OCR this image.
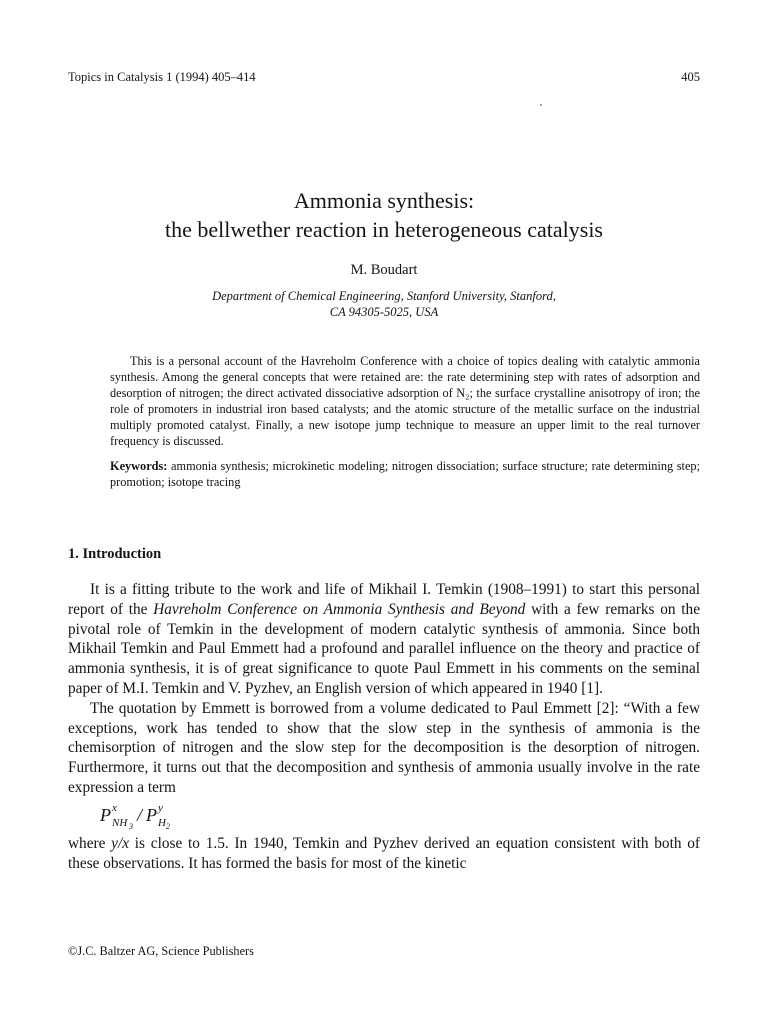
Topics in Catalysis 1 (1994) 405–414	405
Ammonia synthesis:
the bellwether reaction in heterogeneous catalysis
M. Boudart
Department of Chemical Engineering, Stanford University, Stanford,
CA 94305-5025, USA

This is a personal account of the Havreholm Conference with a choice of topics dealing with catalytic ammonia synthesis. Among the general concepts that were retained are: the rate determining step with rates of adsorption and desorption of nitrogen; the direct activated dissociative adsorption of N₂; the surface crystalline anisotropy of iron; the role of promoters in industrial iron based catalysts; and the atomic structure of the metallic surface on the industrial multiply promoted catalyst. Finally, a new isotope jump technique to measure an upper limit to the real turnover frequency is discussed.

Keywords: ammonia synthesis; microkinetic modeling; nitrogen dissociation; surface structure; rate determining step; promotion; isotope tracing

1. Introduction

It is a fitting tribute to the work and life of Mikhail I. Temkin (1908–1991) to start this personal report of the Havreholm Conference on Ammonia Synthesis and Beyond with a few remarks on the pivotal role of Temkin in the development of modern catalytic synthesis of ammonia. Since both Mikhail Temkin and Paul Emmett had a profound and parallel influence on the theory and practice of ammonia synthesis, it is of great significance to quote Paul Emmett in his comments on the seminal paper of M.I. Temkin and V. Pyzhev, an English version of which appeared in 1940 [1].

The quotation by Emmett is borrowed from a volume dedicated to Paul Emmett [2]: “With a few exceptions, work has tended to show that the slow step in the synthesis of ammonia is the chemisorption of nitrogen and the slow step for the decomposition is the desorption of nitrogen. Furthermore, it turns out that the decomposition and synthesis of ammonia usually involve in the rate expression a term

P x
NH 3
/ P y
H 2

where y/x is close to 1.5. In 1940, Temkin and Pyzhev derived an equation consistent with both of these observations. It has formed the basis for most of the kinetic

©J.C. Baltzer AG, Science Publishers
